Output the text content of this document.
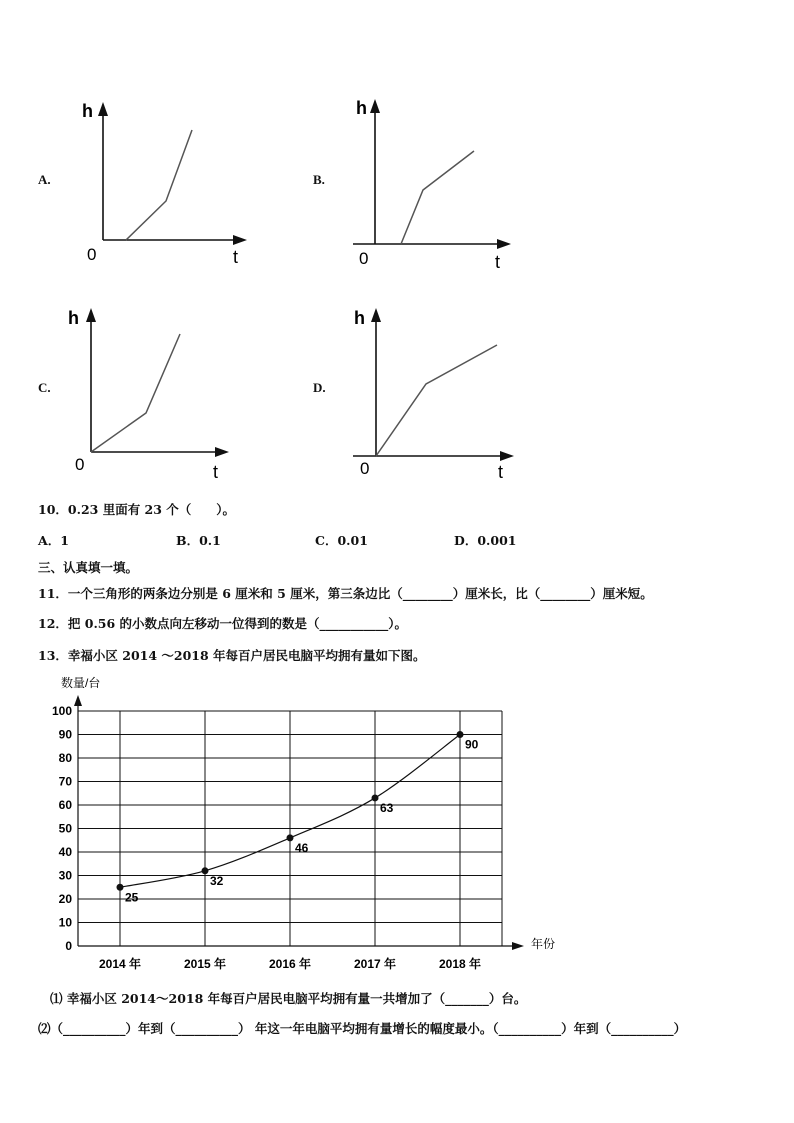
A.
h
0	t
B.
h
0	t
C.
h
0	t
D.
h
0	t
10．0.23 里面有 23 个（　　）。
A．1	B．0.1	C．0.01	D．0.001
三、认真填一填。
11．一个三角形的两条边分别是 6 厘米和 5 厘米，第三条边比（________）厘米长，比（________）厘米短。
12．把 0.56 的小数点向左移动一位得到的数是（___________）。
13．幸福小区 2014 ～2018 年每百户居民电脑平均拥有量如下图。
数量/台
年份
0
10
20
30
40
50
60
70
80
90
100
2014 年	2015 年	2016 年	2017 年	2018 年
25
32
46
63
90
⑴ 幸福小区 2014～2018 年每百户居民电脑平均拥有量一共增加了（_______）台。
⑵（__________）年到（__________） 年这一年电脑平均拥有量增长的幅度最小。（__________）年到（__________）
